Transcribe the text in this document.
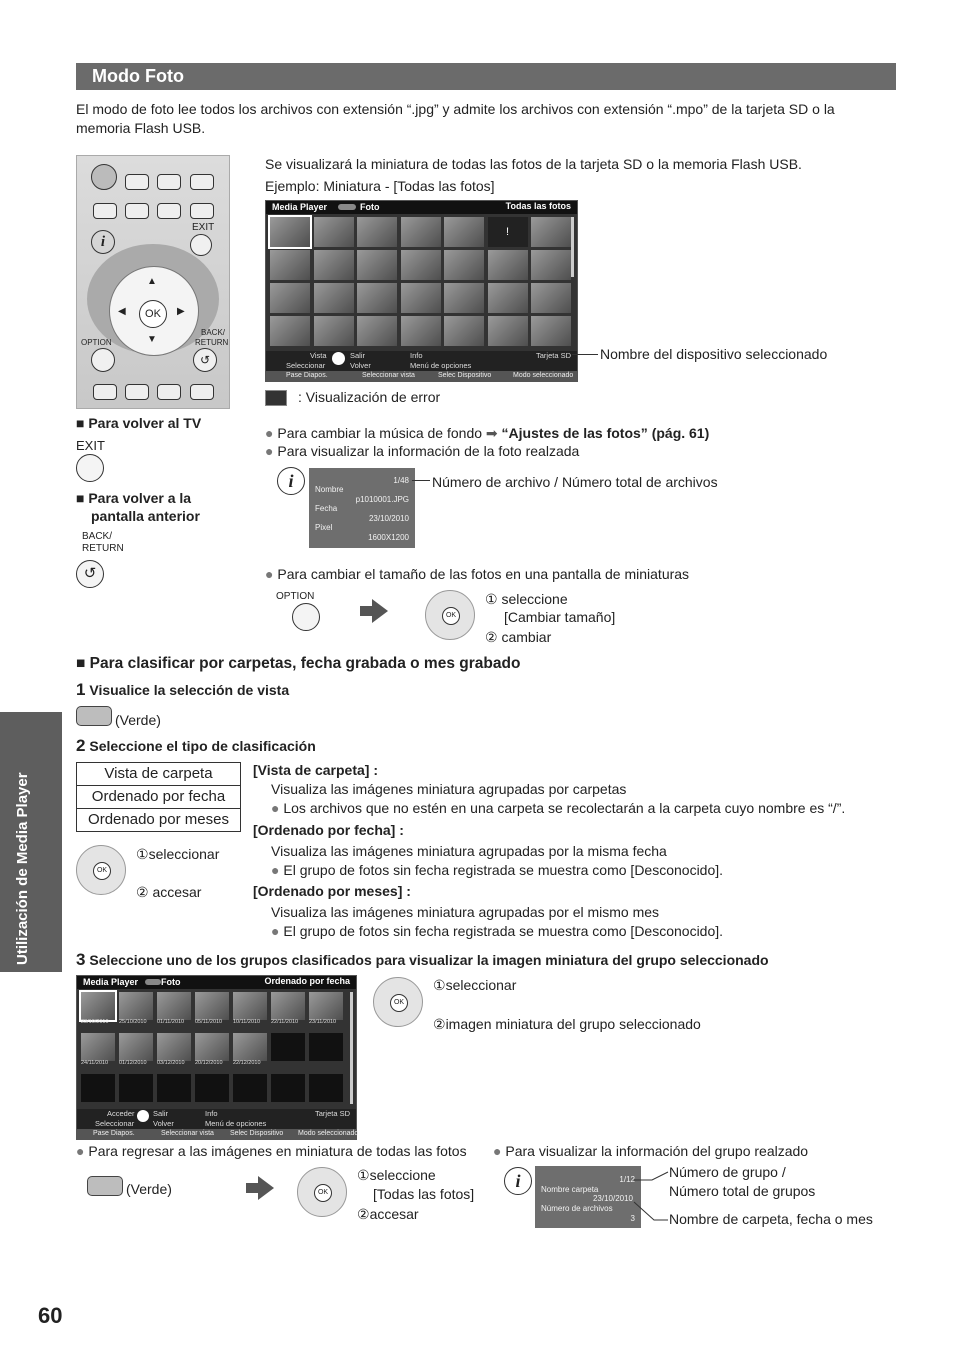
Modo Foto
El modo de foto lee todos los archivos con extensión “.jpg” y admite los archivos con extensión “.mpo” de la tarjeta SD o la
memoria Flash USB.
EXIT
i
▲
▼
◀	▶
OK
OPTION
BACK/
RETURN
↺
■ Para volver al TV
EXIT
■ Para volver a la
pantalla anterior
BACK/
RETURN
↺
Se visualizará la miniatura de todas las fotos de la tarjeta SD o la memoria Flash USB.
Ejemplo: Miniatura - [Todas las fotos]
Media Player	Foto	Todas las fotos
!
Vista
Seleccionar
Salir
Volver
Info
Menú de opciones
Tarjeta SD
Pase Diapos.	Seleccionar vista	Selec Dispositivo	Modo seleccionado
Nombre del dispositivo seleccionado
: Visualización de error
● Para cambiar la música de fondo ➡ “Ajustes de las fotos” (pág. 61)
● Para visualizar la información de la foto realzada
i	1/48
Nombre
p1010001.JPG
Fecha
23/10/2010
Pixel
1600X1200
Número de archivo / Número total de archivos
● Para cambiar el tamaño de las fotos en una pantalla de miniaturas
OPTION
OK
① seleccione
[Cambiar tamaño]
② cambiar
■ Para clasificar por carpetas, fecha grabada o mes grabado
1 Visualice la selección de vista
(Verde)
2 Seleccione el tipo de clasificación
Vista de carpeta
Ordenado por fecha
Ordenado por meses
OK
①seleccionar
② accesar
[Vista de carpeta] :
Visualiza las imágenes miniatura agrupadas por carpetas
● Los archivos que no estén en una carpeta se recolectarán a la carpeta cuyo nombre es “/”.
[Ordenado por fecha] :
Visualiza las imágenes miniatura agrupadas por la misma fecha
● El grupo de fotos sin fecha registrada se muestra como [Desconocido].
[Ordenado por meses] :
Visualiza las imágenes miniatura agrupadas por el mismo mes
● El grupo de fotos sin fecha registrada se muestra como [Desconocido].
3 Seleccione uno de los grupos clasificados para visualizar la imagen miniatura del grupo seleccionado
Media Player	Foto	Ordenado por fecha
23/10/2010 25/10/2010 01/11/2010 05/11/2010 10/11/2010 22/11/2010 23/11/2010
24/11/2010 01/12/2010 03/12/2010 20/12/2010 22/12/2010
Acceder
Seleccionar
Salir
Volver
Info
Menú de opciones
Tarjeta SD
Pase Diapos.	Seleccionar vista Selec Dispositivo Modo seleccionado
OK
①seleccionar
②imagen miniatura del grupo seleccionado
● Para regresar a las imágenes en miniatura de todas las fotos
(Verde)	OK
①seleccione
[Todas las fotos]
②accesar
● Para visualizar la información del grupo realzado
i	1/12
Nombre carpeta
23/10/2010
Número de archivos
3
Número de grupo /
Número total de grupos
Nombre de carpeta, fecha o mes
Utilización de Media Player
60
